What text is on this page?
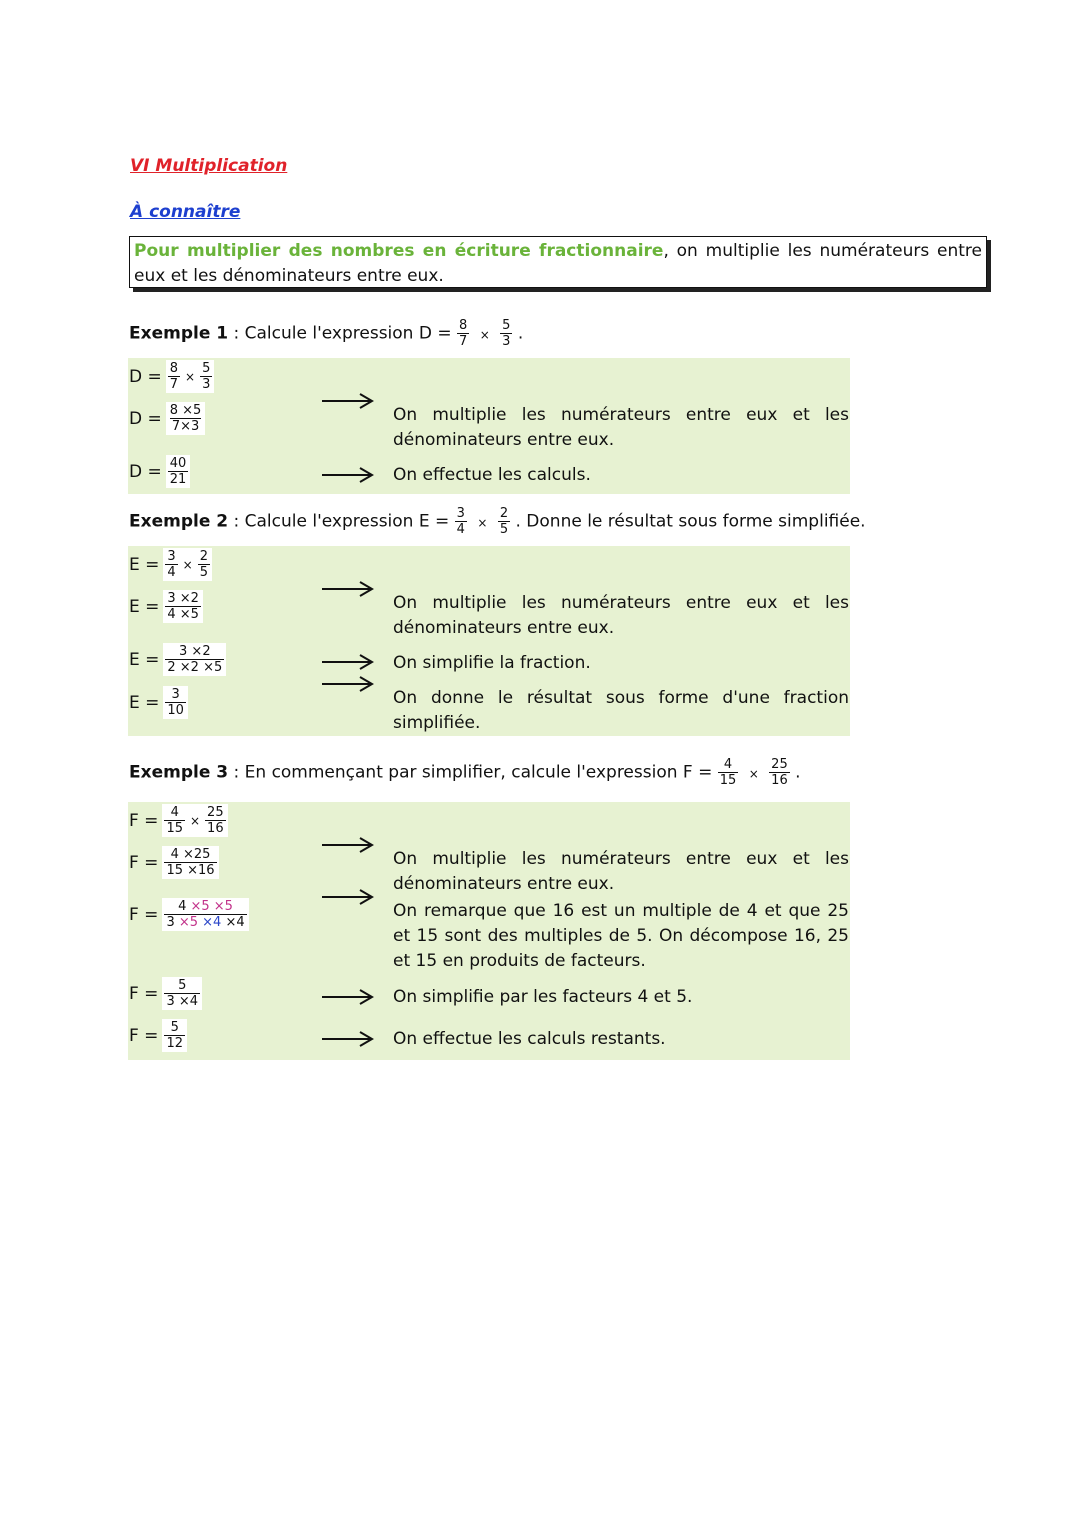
VI Multiplication
À connaître
Pour multiplier des nombres en écriture fractionnaire, on multiplie les numérateurs entre eux et les dénominateurs entre eux.
Exemple 1 : Calcule l'expression $D = \frac{8}{7} \times \frac{5}{3}$ .
$D = \frac{8}{7} \times \frac{5}{3}$
$D = \frac{8 \times 5}{7\times 3}$
$D = \frac{40}{21}$
On multiplie les numérateurs entre eux et les dénominateurs entre eux.
On effectue les calculs.
Exemple 2 : Calcule l'expression $E = \frac{3}{4} \times \frac{2}{5}$ . Donne le résultat sous forme simplifiée.
$E = \frac{3}{4} \times \frac{2}{5}$
$E = \frac{3 \times 2}{4 \times 5}$
$E = \frac{3 \times 2}{2 \times 2 \times 5}$
$E = \frac{3}{10}$
On multiplie les numérateurs entre eux et les dénominateurs entre eux.
On simplifie la fraction.
On donne le résultat sous forme d'une fraction simplifiée.
Exemple 3 : En commençant par simplifier, calcule l'expression $F = \frac{4}{15} \times \frac{25}{16}$ .
$F = \frac{4}{15} \times \frac{25}{16}$
$F = \frac{4 \times 25}{15 \times 16}$
$F = \frac{4 \times 5 \times 5}{3 \times 5 \times 4 \times 4}$
$F = \frac{5}{3 \times 4}$
$F = \frac{5}{12}$
On multiplie les numérateurs entre eux et les dénominateurs entre eux.
On remarque que 16 est un multiple de 4 et que 25 et 15 sont des multiples de 5. On décompose 16, 25 et 15 en produits de facteurs.
On simplifie par les facteurs 4 et 5.
On effectue les calculs restants.
